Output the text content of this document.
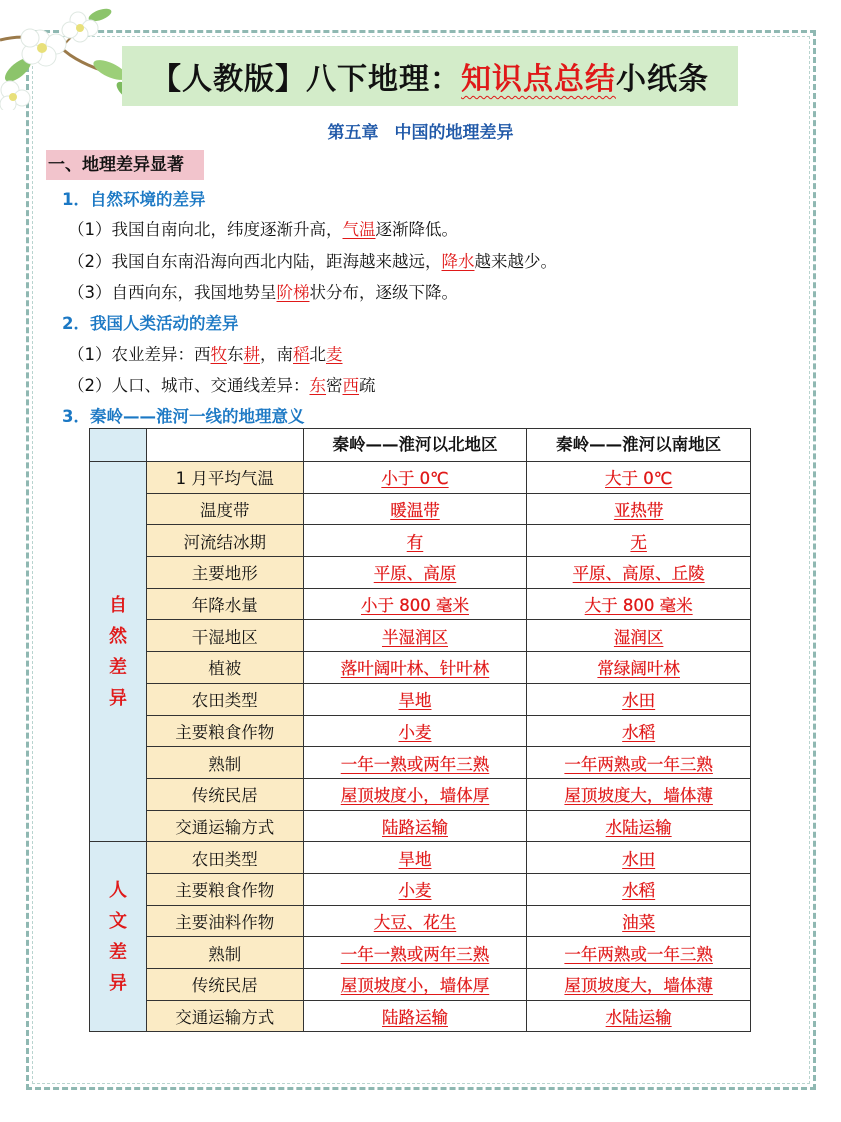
【人教版】八下地理： 知识点总结 小纸条
第五章 中国的地理差异
一、地理差异显著
1．自然环境的差异
（1）我国自南向北，纬度逐渐升高，气温逐渐降低。
（2）我国自东南沿海向西北内陆，距海越来越远，降水越来越少。
（3）自西向东，我国地势呈阶梯状分布，逐级下降。
2．我国人类活动的差异
（1）农业差异：西牧东耕，南稻北麦
（2）人口、城市、交通线差异：东密西疏
3．秦岭——淮河一线的地理意义
		秦岭——淮河以北地区	秦岭——淮河以南地区

自
然
差
异	1 月平均气温	小于 0℃	大于 0℃
	温度带	暖温带	亚热带
	河流结冰期	有	无
	主要地形	平原、高原	平原、高原、丘陵
	年降水量	小于 800 毫米	大于 800 毫米
	干湿地区	半湿润区	湿润区
	植被	落叶阔叶林、针叶林	常绿阔叶林
	农田类型	旱地	水田
	主要粮食作物	小麦	水稻
	熟制	一年一熟或两年三熟	一年两熟或一年三熟
	传统民居	屋顶坡度小，墙体厚	屋顶坡度大，墙体薄
	交通运输方式	陆路运输	水陆运输

人
文
差
异	农田类型	旱地	水田
	主要粮食作物	小麦	水稻
	主要油料作物	大豆、花生	油菜
	熟制	一年一熟或两年三熟	一年两熟或一年三熟
	传统民居	屋顶坡度小，墙体厚	屋顶坡度大，墙体薄
	交通运输方式	陆路运输	水陆运输
